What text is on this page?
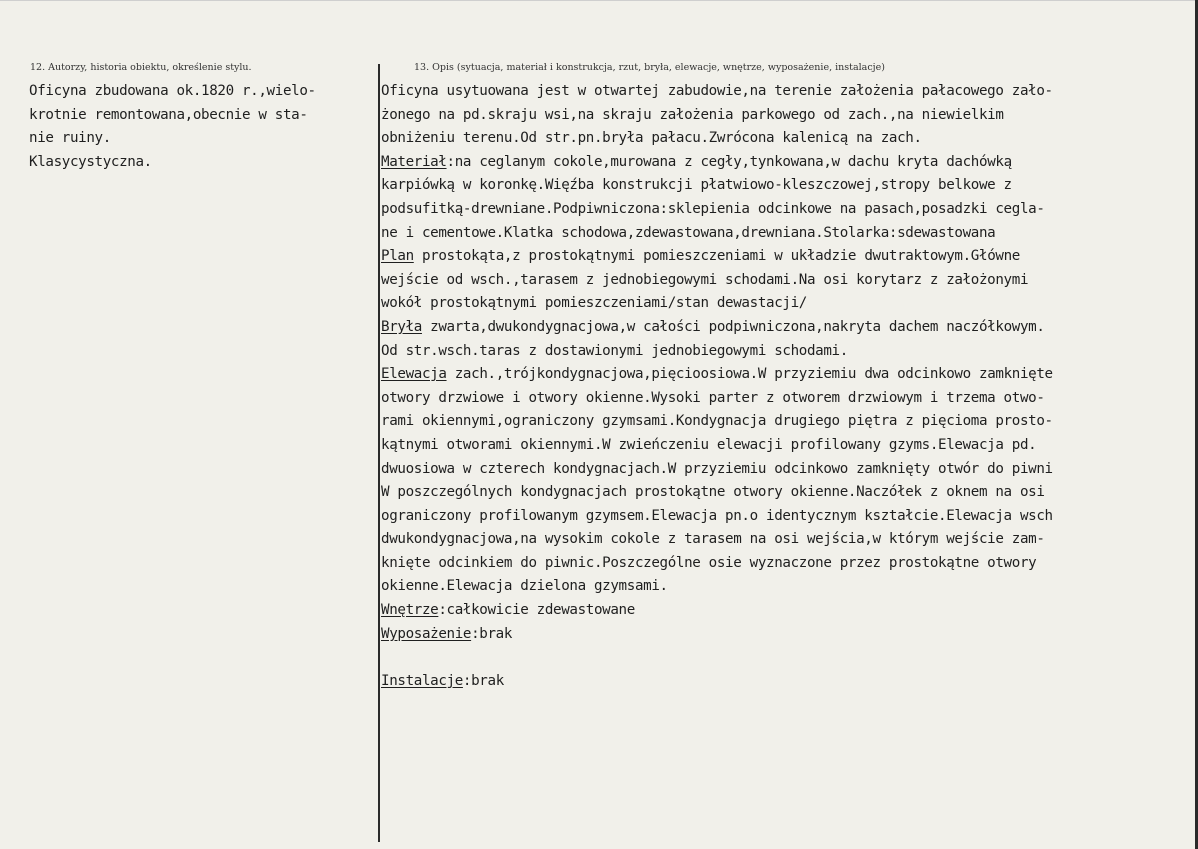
12. Autorzy, historia obiektu, określenie stylu.	13. Opis (sytuacja, materiał i konstrukcja, rzut, bryła, elewacje, wnętrze, wyposażenie, instalacje)
Oficyna zbudowana ok.1820 r.,wielo-
krotnie remontowana,obecnie w sta-
nie ruiny.
Klasycystyczna.
Oficyna usytuowana jest w otwartej zabudowie,na terenie założenia pałacowego zało-
żonego na pd.skraju wsi,na skraju założenia parkowego od zach.,na niewielkim
obniżeniu terenu.Od str.pn.bryła pałacu.Zwrócona kalenicą na zach.
Materiał:na ceglanym cokole,murowana z cegły,tynkowana,w dachu kryta dachówką
karpiówką w koronkę.Więźba konstrukcji płatwiowo-kleszczowej,stropy belkowe z
podsufitką-drewniane.Podpiwniczona:sklepienia odcinkowe na pasach,posadzki cegla-
ne i cementowe.Klatka schodowa,zdewastowana,drewniana.Stolarka:sdewastowana
Plan prostokąta,z prostokątnymi pomieszczeniami w układzie dwutraktowym.Główne
wejście od wsch.,tarasem z jednobiegowymi schodami.Na osi korytarz z założonymi
wokół prostokątnymi pomieszczeniami/stan dewastacji/
Bryła zwarta,dwukondygnacjowa,w całości podpiwniczona,nakryta dachem naczółkowym.
Od str.wsch.taras z dostawionymi jednobiegowymi schodami.
Elewacja zach.,trójkondygnacjowa,pięcioosiowa.W przyziemiu dwa odcinkowo zamknięte
otwory drzwiowe i otwory okienne.Wysoki parter z otworem drzwiowym i trzema otwo-
rami okiennymi,ograniczony gzymsami.Kondygnacja drugiego piętra z pięcioma prosto-
kątnymi otworami okiennymi.W zwieńczeniu elewacji profilowany gzyms.Elewacja pd.
dwuosiowa w czterech kondygnacjach.W przyziemiu odcinkowo zamknięty otwór do piwni
W poszczególnych kondygnacjach prostokątne otwory okienne.Naczółek z oknem na osi
ograniczony profilowanym gzymsem.Elewacja pn.o identycznym kształcie.Elewacja wsch
dwukondygnacjowa,na wysokim cokole z tarasem na osi wejścia,w którym wejście zam-
knięte odcinkiem do piwnic.Poszczególne osie wyznaczone przez prostokątne otwory
okienne.Elewacja dzielona gzymsami.
Wnętrze:całkowicie zdewastowane
Wyposażenie:brak
Instalacje:brak
